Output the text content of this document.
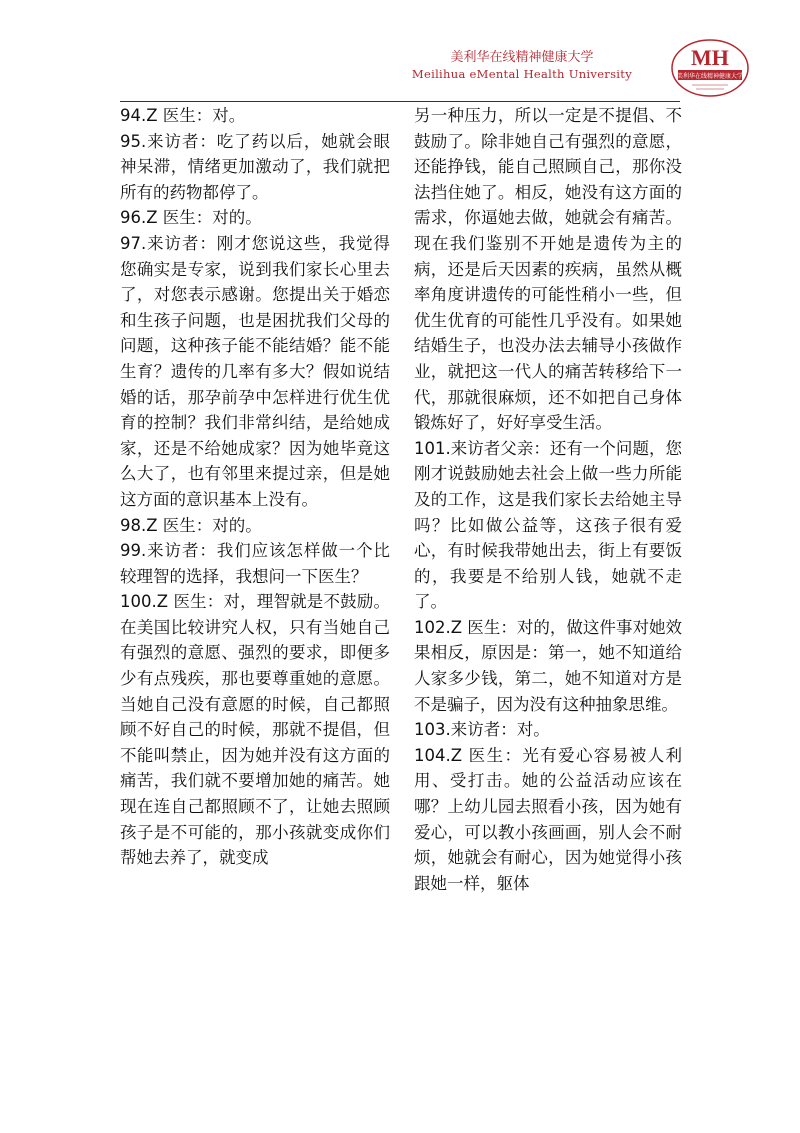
美利华在线精神健康大学
Meilihua eMental Health University
MH
美利华在线精神健康大学

94.Z 医生：对。

95.来访者：吃了药以后，她就会眼神呆滞，情绪更加激动了，我们就把所有的药物都停了。

96.Z 医生：对的。

97.来访者：刚才您说这些，我觉得您确实是专家，说到我们家长心里去了，对您表示感谢。您提出关于婚恋和生孩子问题，也是困扰我们父母的问题，这种孩子能不能结婚？能不能生育？遗传的几率有多大？假如说结婚的话，那孕前孕中怎样进行优生优育的控制？我们非常纠结，是给她成家，还是不给她成家？因为她毕竟这么大了，也有邻里来提过亲，但是她这方面的意识基本上没有。

98.Z 医生：对的。

99.来访者：我们应该怎样做一个比较理智的选择，我想问一下医生？

100.Z 医生：对，理智就是不鼓励。在美国比较讲究人权，只有当她自己有强烈的意愿、强烈的要求，即便多少有点残疾，那也要尊重她的意愿。当她自己没有意愿的时候，自己都照顾不好自己的时候，那就不提倡，但不能叫禁止，因为她并没有这方面的痛苦，我们就不要增加她的痛苦。她现在连自己都照顾不了，让她去照顾孩子是不可能的，那小孩就变成你们帮她去养了，就变成

另一种压力，所以一定是不提倡、不鼓励了。除非她自己有强烈的意愿，还能挣钱，能自己照顾自己，那你没法挡住她了。相反，她没有这方面的需求，你逼她去做，她就会有痛苦。现在我们鉴别不开她是遗传为主的病，还是后天因素的疾病，虽然从概率角度讲遗传的可能性稍小一些，但优生优育的可能性几乎没有。如果她结婚生子，也没办法去辅导小孩做作业，就把这一代人的痛苦转移给下一代，那就很麻烦，还不如把自己身体锻炼好了，好好享受生活。

101.来访者父亲：还有一个问题，您刚才说鼓励她去社会上做一些力所能及的工作，这是我们家长去给她主导吗？比如做公益等，这孩子很有爱心，有时候我带她出去，街上有要饭的，我要是不给别人钱，她就不走了。

102.Z 医生：对的，做这件事对她效果相反，原因是：第一，她不知道给人家多少钱，第二，她不知道对方是不是骗子，因为没有这种抽象思维。

103.来访者：对。

104.Z 医生：光有爱心容易被人利用、受打击。她的公益活动应该在哪？上幼儿园去照看小孩，因为她有爱心，可以教小孩画画，别人会不耐烦，她就会有耐心，因为她觉得小孩跟她一样，躯体
